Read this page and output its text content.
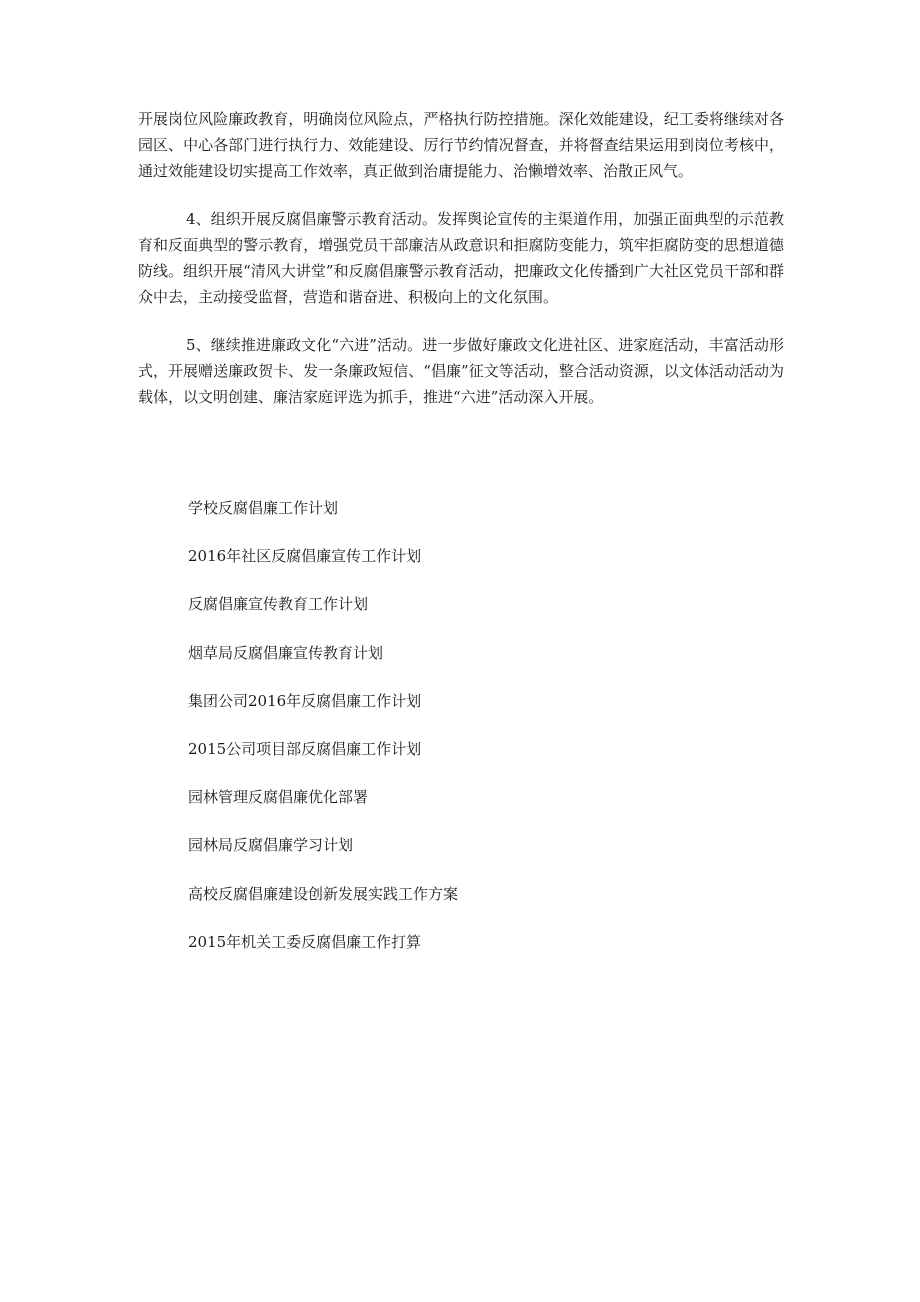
开展岗位风险廉政教育，明确岗位风险点，严格执行防控措施。深化效能建设，纪工委将继续对各园区、中心各部门进行执行力、效能建设、厉行节约情况督查，并将督查结果运用到岗位考核中，通过效能建设切实提高工作效率，真正做到治庸提能力、治懒增效率、治散正风气。

4、组织开展反腐倡廉警示教育活动。发挥舆论宣传的主渠道作用，加强正面典型的示范教育和反面典型的警示教育，增强党员干部廉洁从政意识和拒腐防变能力，筑牢拒腐防变的思想道德防线。组织开展“清风大讲堂”和反腐倡廉警示教育活动，把廉政文化传播到广大社区党员干部和群众中去，主动接受监督，营造和谐奋进、积极向上的文化氛围。

5、继续推进廉政文化“六进”活动。进一步做好廉政文化进社区、进家庭活动，丰富活动形式，开展赠送廉政贺卡、发一条廉政短信、“倡廉”征文等活动，整合活动资源，以文体活动活动为载体，以文明创建、廉洁家庭评选为抓手，推进“六进”活动深入开展。

学校反腐倡廉工作计划
2016年社区反腐倡廉宣传工作计划
反腐倡廉宣传教育工作计划
烟草局反腐倡廉宣传教育计划
集团公司2016年反腐倡廉工作计划
2015公司项目部反腐倡廉工作计划
园林管理反腐倡廉优化部署
园林局反腐倡廉学习计划
高校反腐倡廉建设创新发展实践工作方案
2015年机关工委反腐倡廉工作打算
